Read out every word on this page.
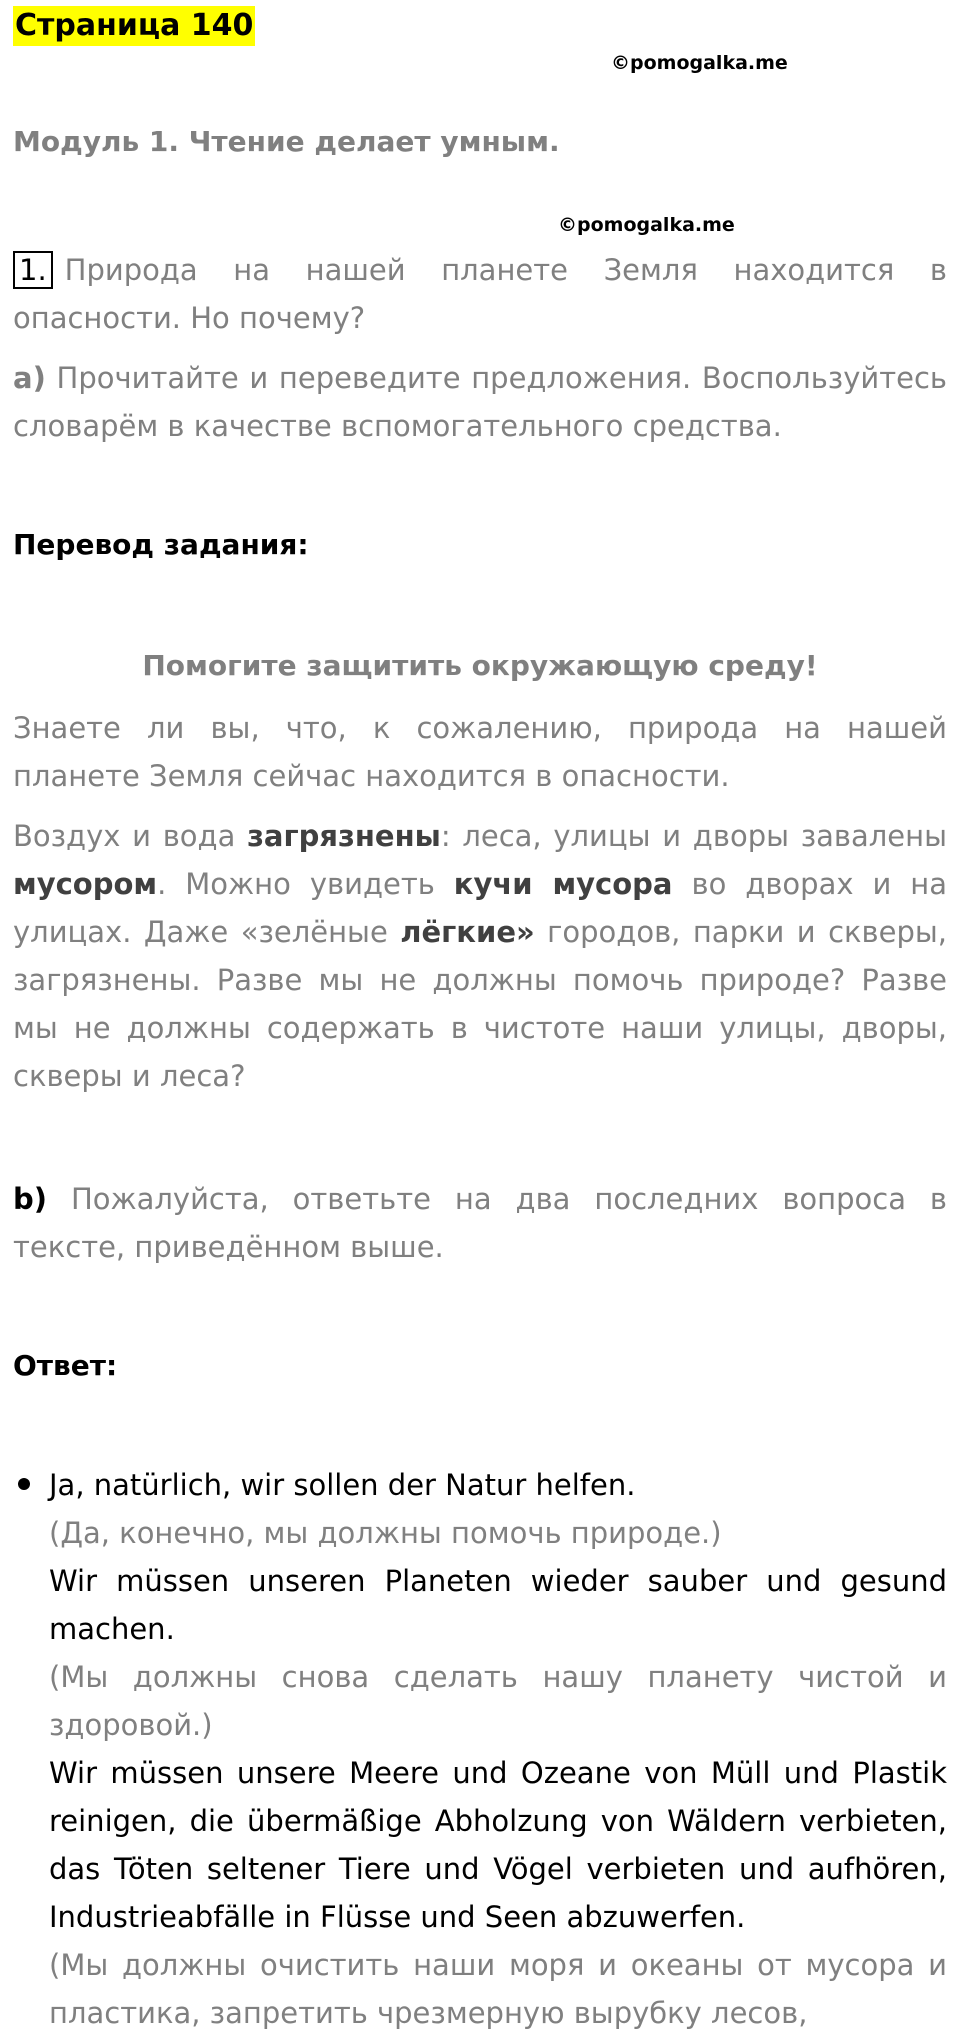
Страница 140
©pomogalka.me
Модуль 1. Чтение делает умным.
©pomogalka.me
1. Природа на нашей планете Земля находится в опасности. Но почему?
а) Прочитайте и переведите предложения. Воспользуйтесь словарём в качестве вспомогательного средства.
Перевод задания:
Помогите защитить окружающую среду!
Знаете ли вы, что, к сожалению, природа на нашей планете Земля сейчас находится в опасности.
Воздух и вода загрязнены: леса, улицы и дворы завалены мусором. Можно увидеть кучи мусора во дворах и на улицах. Даже «зелёные лёгкие» городов, парки и скверы, загрязнены. Разве мы не должны помочь природе? Разве мы не должны содержать в чистоте наши улицы, дворы, скверы и леса?
b) Пожалуйста, ответьте на два последних вопроса в тексте, приведённом выше.
Ответ:
Ja, natürlich, wir sollen der Natur helfen.
(Да, конечно, мы должны помочь природе.)
Wir müssen unseren Planeten wieder sauber und gesund machen.
(Мы должны снова сделать нашу планету чистой и здоровой.)
Wir müssen unsere Meere und Ozeane von Müll und Plastik reinigen, die übermäßige Abholzung von Wäldern verbieten, das Töten seltener Tiere und Vögel verbieten und aufhören, Industrieabfälle in Flüsse und Seen abzuwerfen.
(Мы должны очистить наши моря и океаны от мусора и пластика, запретить чрезмерную вырубку лесов,
